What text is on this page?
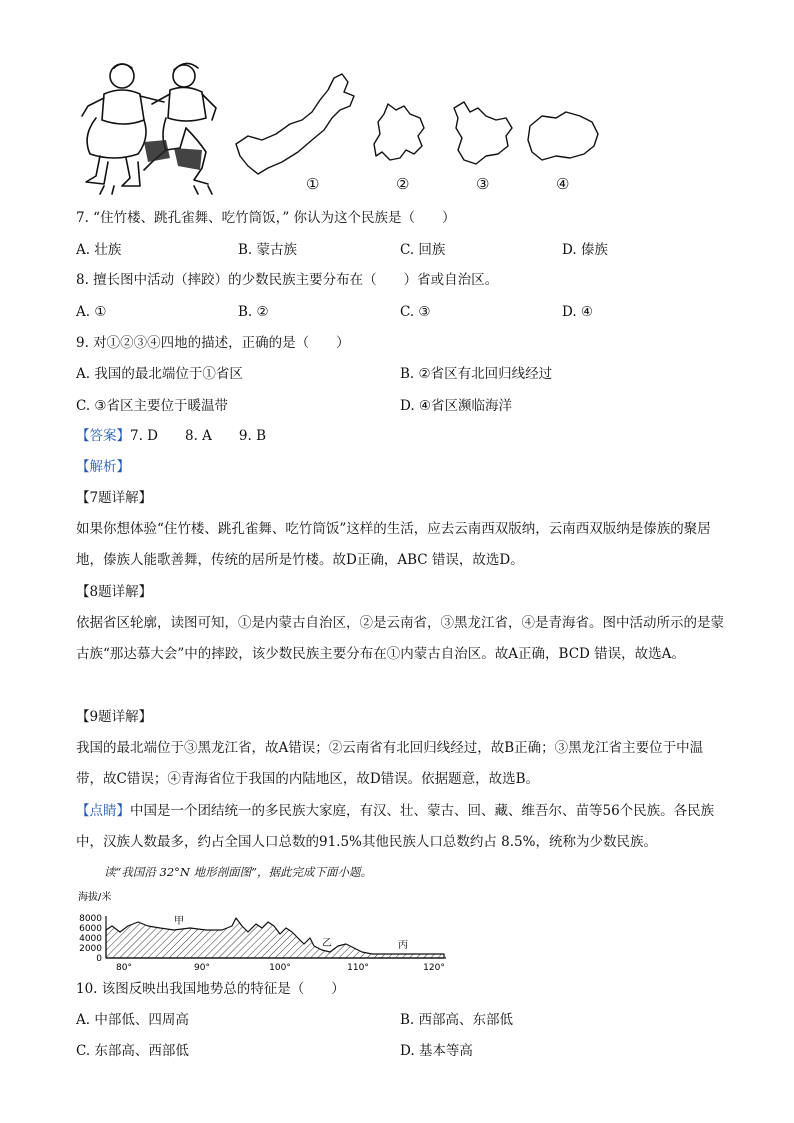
①	②	③	④
7. “住竹楼、跳孔雀舞、吃竹筒饭，” 你认为这个民族是（　　）
A. 壮族	B. 蒙古族	C. 回族	D. 傣族
8. 擅长图中活动（摔跤）的少数民族主要分布在（　　）省或自治区。
A. ①	B. ②	C. ③	D. ④
9. 对①②③④四地的描述，正确的是（　　）
A. 我国的最北端位于①省区	B. ②省区有北回归线经过
C. ③省区主要位于暖温带	D. ④省区濒临海洋
【答案】7. D　　8. A　　9. B
【解析】
【7题详解】
如果你想体验“住竹楼、跳孔雀舞、吃竹筒饭”这样的生活，应去云南西双版纳，云南西双版纳是傣族的聚居地，傣族人能歌善舞，传统的居所是竹楼。故D正确，ABC 错误，故选D。
【8题详解】
依据省区轮廓，读图可知，①是内蒙古自治区，②是云南省，③黑龙江省，④是青海省。图中活动所示的是蒙古族“那达慕大会”中的摔跤，该少数民族主要分布在①内蒙古自治区。故A正确，BCD 错误，故选A。
【9题详解】
我国的最北端位于③黑龙江省，故A错误；②云南省有北回归线经过，故B正确；③黑龙江省主要位于中温带，故C错误；④青海省位于我国的内陆地区，故D错误。依据题意，故选B。
【点睛】中国是一个团结统一的多民族大家庭，有汉、壮、蒙古、回、藏、维吾尔、苗等56个民族。各民族中，汉族人数最多，约占全国人口总数的91.5%其他民族人口总数约占 8.5%，统称为少数民族。
读“我国沿 32°N 地形剖面图”，据此完成下面小题。
海拔/米
8000
6000
4000
2000
0
甲
乙	丙
80°	90°	100°	110°	120°
10. 该图反映出我国地势总的特征是（　　）
A. 中部低、四周高	B. 西部高、东部低
C. 东部高、西部低	D. 基本等高
